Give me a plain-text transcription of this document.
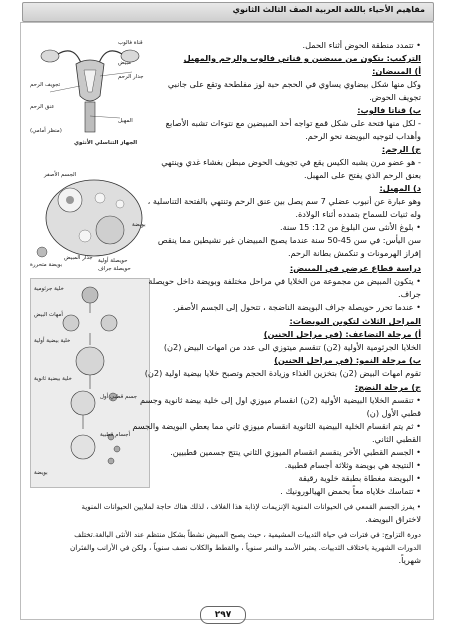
مفاهيم الأحياء باللغة العربية الصف الثالث الثانوي
قناة فالوب
مبيض
جدار الرحم
تجويف الرحم
عنق الرحم
المهبل
(منظر أمامي)
الجهاز التناسلي الأنثوي
الجسم الأصفر
بويضة
جدار المبيض حويصلة أولية
حويصلة جراف
بويضة متحررة
خلية جرثومية
أمهات البيض
خلية بيضية أولية
جسم قطبي أول
خلية بيضية ثانوية
أجسام قطبية
بويضة
• تتمدد منطقة الحوض أثناء الحمل.
التركيب: يتكون من مبيضين و قناتي فالوب والرحم والمهبل
أ) المبيضان:
وكل منها شكل بيضاوي يساوي في الحجم حبة لوز مفلطحة وتقع على جانبي
تجويف الحوض.
ب) قناتا فالوب:
- لكل منها فتحة على شكل قمع تواجه أحد المبيضين مع نتوءات تشبه الأصابع
وأهداب لتوجيه البويضة نحو الرحم.
ج) الرحم:
- هو عضو مرن يشبه الكيس يقع في تجويف الحوض مبطن بغشاء غدي وينتهي
بعنق الرحم الذي يفتح على المهبل.
د) المهبل:
وهو عبارة عن أنبوب عضلي 7 سم يصل بين عنق الرحم وتنتهي بالفتحة التناسلية ،
وله ثنيات للسماح بتمدده أثناء الولادة.
• بلوغ الأنثى سن البلوغ من 12: 15 سنة.
سن اليأس: في سن 45-50 سنة عندما يصبح المبيضان غير نشيطين مما ينقص
إفراز الهرمونات و تنكمش بطانة الرحم.
دراسة قطاع عرضي في المبيض:
• يتكون المبيض من مجموعة من الخلايا في مراحل مختلفة وبويضة داخل حويصلة
جراف.
• عندما تحرر حويصلة جراف البويضة الناضجة ، تتحول إلى الجسم الأصفر.
المراحل الثلاث لتكوين البويضات:
أ) مرحلة التضاعف: (في مراحل الجنين)
الخلايا الجرثومية الأولية (2ن) تنقسم ميتوزي الى عدد من امهات البيض (2ن)
ب) مرحلة النمو: (في مراحل الجنين)
تقوم امهات البيض (2ن) بتخزين الغذاء وزيادة الحجم وتصبح خلايا بيضية اولية (2ن)
ج) مرحلة النضج:
• تنقسم الخلايا البيضية الأولية (2ن) انقسام ميوزي اول إلى خلية بيضة ثانوية وجسم
قطبي الأول (ن)
• ثم يتم انقسام الخلية البيضية الثانوية انقسام ميوزي ثاني مما يعطي البويضة والجسم
القطبي الثاني.
• الجسم القطبي الأخر ينقسم انقسام الميوزي الثاني ينتج جسمين قطبيين.
• النتيجة هي بويضة وثلاثة أجسام قطبية.
• البويضة مغطاة بطبقة خلوية رقيقة
• تتماسك خلاياه معاً بحمض الهيالورونيك .
• يفرز الجسم القمعي في الحيوانات المنوية الإنزيمات لإذابة هذا الغلاف ، لذلك هناك حاجة لملايين الحيوانات المنوية
لاختراق البويضة.
دورة التزاوج: في فترات في حياة الثدييات المشيمية ، حيث يصبح المبيض نشطاً بشكل منتظم عند الأنثى البالغة.تختلف
الدورات الشهرية باختلاف الثدييات. يعتبر الأسد والنمر سنوياً ، والقطط والكلاب نصف سنوياً ، ولكن في الأرانب والفئران
شهرياً.
٢٩٧
